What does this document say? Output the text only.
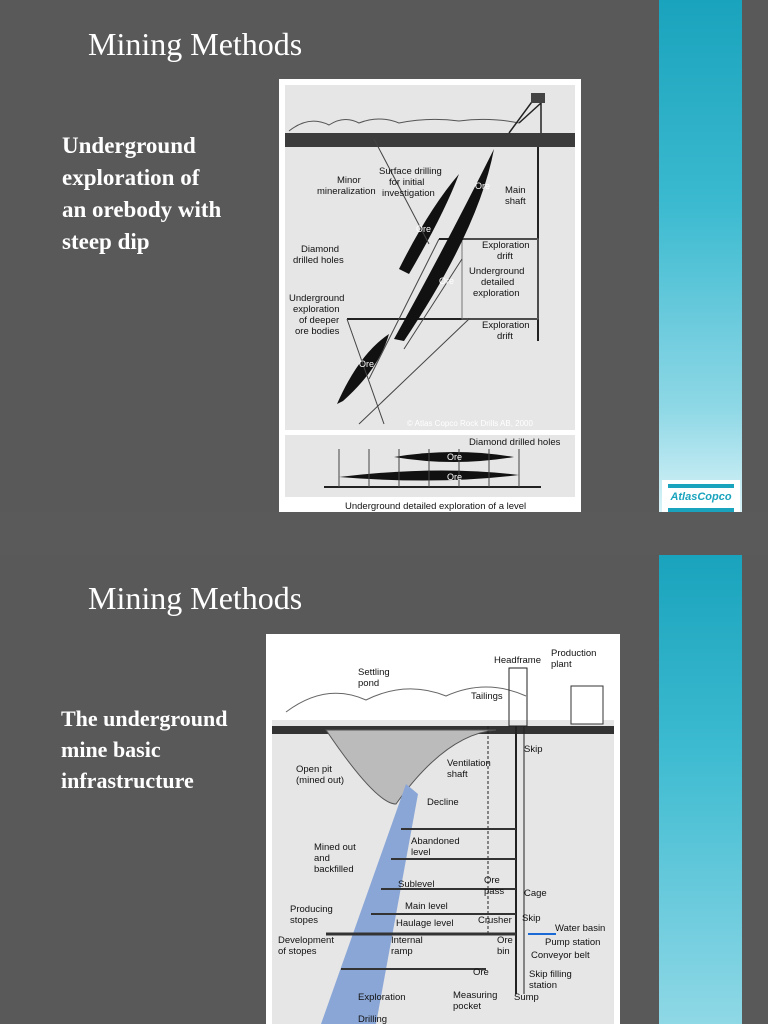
Mining Methods
Underground
exploration of
an orebody with
steep dip
Surface drilling
for initial
investigation
Minor
mineralization	Main
shaft
Diamond
drilled holes
Exploration
drift
Underground
detailed
exploration
Underground
exploration
of deeper
ore bodies
Exploration
drift
Ore
Ore
Ore
Ore
© Atlas Copco Rock Drills AB, 2000
Diamond drilled holes
Ore
Ore
Underground detailed exploration of a level
AtlasCopco
Mining Methods
The underground
mine basic
infrastructure
Production
plant
Headframe
Settling
pond
Tailings
Skip
Open pit
(mined out)
Ventilation
shaft
Decline
Mined out
and
backfilled
Abandoned
level
Sublevel	Ore
pass Cage
Producing
stopes
Main level
Crusher Skip
Water basin
Haulage level
Development
of stopes
Internal
ramp
Ore
bin
Pump station
Conveyor belt
Ore	Skip filling
station
Exploration	Measuring
pocket
Sump
Drilling
